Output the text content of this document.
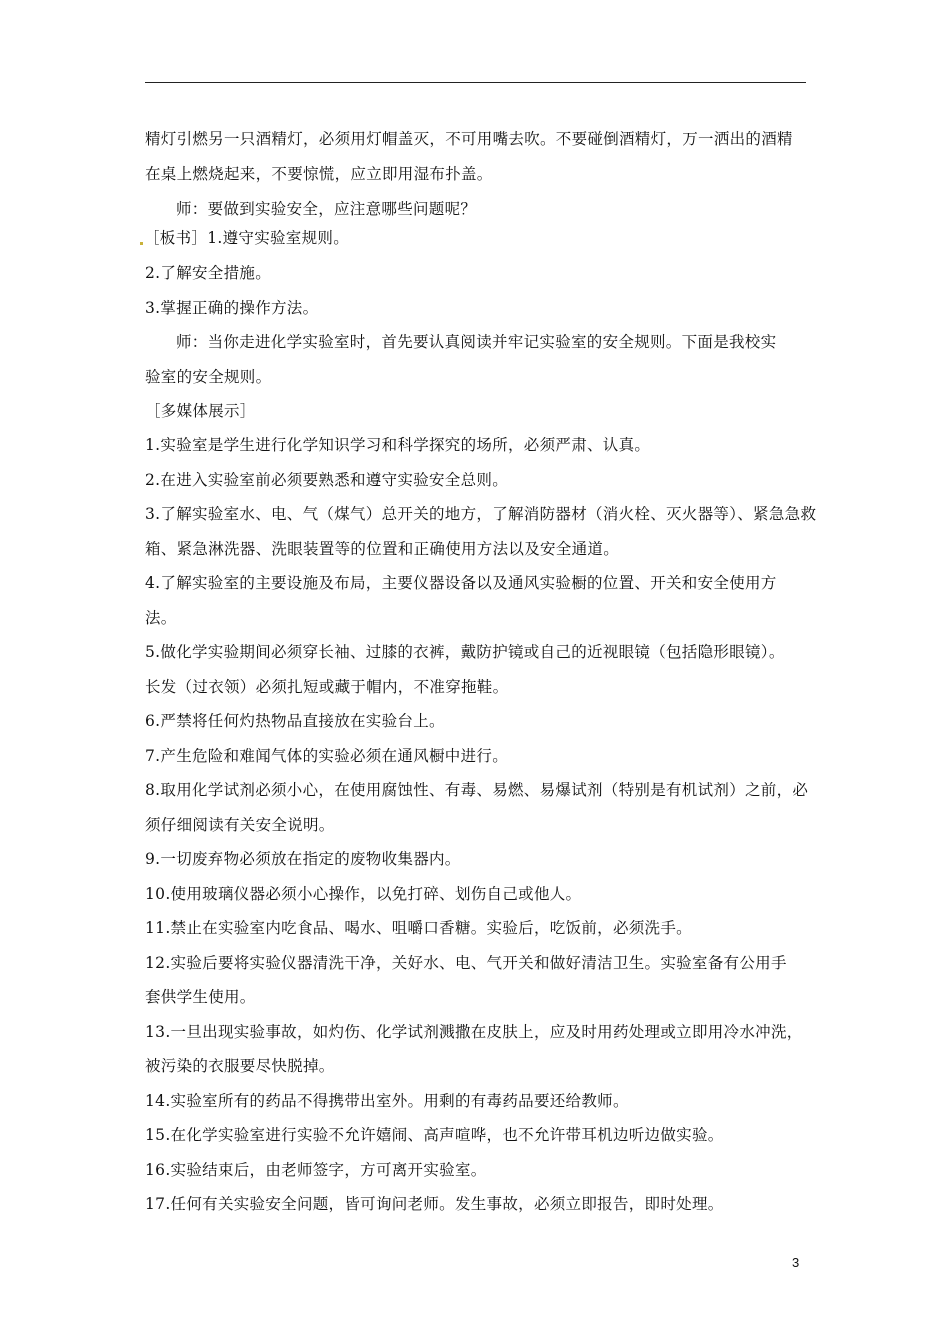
精灯引燃另一只酒精灯，必须用灯帽盖灭，不可用嘴去吹。不要碰倒酒精灯，万一洒出的酒精

在桌上燃烧起来，不要惊慌，应立即用湿布扑盖。

师：要做到实验安全，应注意哪些问题呢？

［板书］1.遵守实验室规则。

2.了解安全措施。

3.掌握正确的操作方法。

师：当你走进化学实验室时，首先要认真阅读并牢记实验室的安全规则。下面是我校实

验室的安全规则。

［多媒体展示］

1.实验室是学生进行化学知识学习和科学探究的场所，必须严肃、认真。

2.在进入实验室前必须要熟悉和遵守实验安全总则。

3.了解实验室水、电、气（煤气）总开关的地方，了解消防器材（消火栓、灭火器等）、紧急急救

箱、紧急淋洗器、洗眼装置等的位置和正确使用方法以及安全通道。

4.了解实验室的主要设施及布局，主要仪器设备以及通风实验橱的位置、开关和安全使用方

法。

5.做化学实验期间必须穿长袖、过膝的衣裤，戴防护镜或自己的近视眼镜（包括隐形眼镜）。

长发（过衣领）必须扎短或藏于帽内，不准穿拖鞋。

6.严禁将任何灼热物品直接放在实验台上。

7.产生危险和难闻气体的实验必须在通风橱中进行。

8.取用化学试剂必须小心，在使用腐蚀性、有毒、易燃、易爆试剂（特别是有机试剂）之前，必

须仔细阅读有关安全说明。

9.一切废弃物必须放在指定的废物收集器内。

10.使用玻璃仪器必须小心操作，以免打碎、划伤自己或他人。

11.禁止在实验室内吃食品、喝水、咀嚼口香糖。实验后，吃饭前，必须洗手。

12.实验后要将实验仪器清洗干净，关好水、电、气开关和做好清洁卫生。实验室备有公用手

套供学生使用。

13.一旦出现实验事故，如灼伤、化学试剂溅撒在皮肤上，应及时用药处理或立即用冷水冲洗，

被污染的衣服要尽快脱掉。

14.实验室所有的药品不得携带出室外。用剩的有毒药品要还给教师。

15.在化学实验室进行实验不允许嬉闹、高声喧哗，也不允许带耳机边听边做实验。

16.实验结束后，由老师签字，方可离开实验室。

17.任何有关实验安全问题，皆可询问老师。发生事故，必须立即报告，即时处理。

3
